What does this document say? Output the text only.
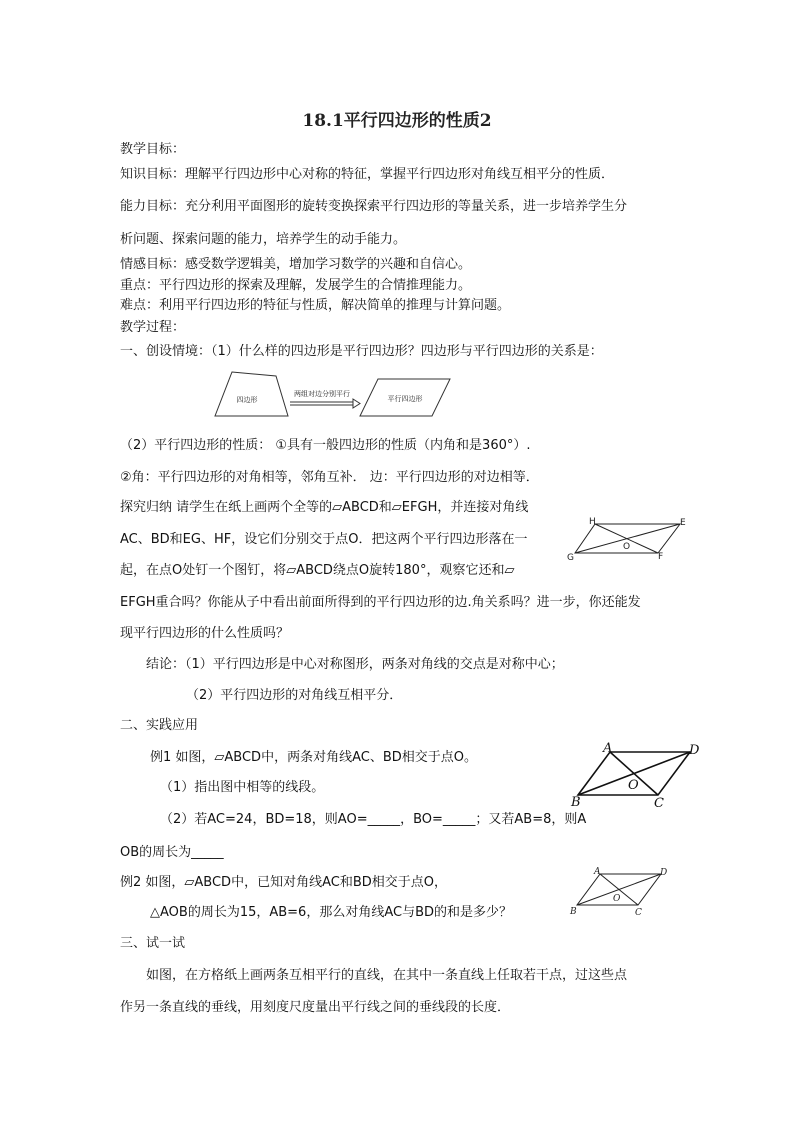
18.1平行四边形的性质2
教学目标：
知识目标：理解平行四边形中心对称的特征，掌握平行四边形对角线互相平分的性质．
能力目标：充分利用平面图形的旋转变换探索平行四边形的等量关系，进一步培养学生分
析问题、探索问题的能力，培养学生的动手能力。
情感目标：感受数学逻辑美，增加学习数学的兴趣和自信心。
重点：平行四边形的探索及理解，发展学生的合情推理能力。
难点：利用平行四边形的特征与性质，解决简单的推理与计算问题。
教学过程：
一、创设情境：（1）什么样的四边形是平行四边形？四边形与平行四边形的关系是：
四边形
两组对边分别平行
平行四边形
（2）平行四边形的性质： ①具有一般四边形的性质（内角和是360°）.
②角：平行四边形的对角相等，邻角互补． 边：平行四边形的对边相等．
探究归纳 请学生在纸上画两个全等的▱ABCD和▱EFGH，并连接对角线
AC、BD和EG、HF，设它们分别交于点O．把这两个平行四边形落在一
起，在点O处钉一个图钉，将▱ABCD绕点O旋转180°，观察它还和▱
EFGH重合吗？你能从子中看出前面所得到的平行四边形的边.角关系吗？进一步，你还能发
现平行四边形的什么性质吗？
H	E
G	F
O
结论：（1）平行四边形是中心对称图形，两条对角线的交点是对称中心；
（2）平行四边形的对角线互相平分．
二、实践应用
例1 如图，▱ABCD中，两条对角线AC、BD相交于点O。
（1）指出图中相等的线段。
（2）若AC=24，BD=18，则AO=_____，BO=_____；又若AB=8，则A
OB的周长为_____
A	D
B	C
O
例2 如图，▱ABCD中，已知对角线AC和BD相交于点O，
△AOB的周长为15，AB=6，那么对角线AC与BD的和是多少？
A	D
B	C
O
三、试一试
如图，在方格纸上画两条互相平行的直线，在其中一条直线上任取若干点，过这些点
作另一条直线的垂线，用刻度尺度量出平行线之间的垂线段的长度．
